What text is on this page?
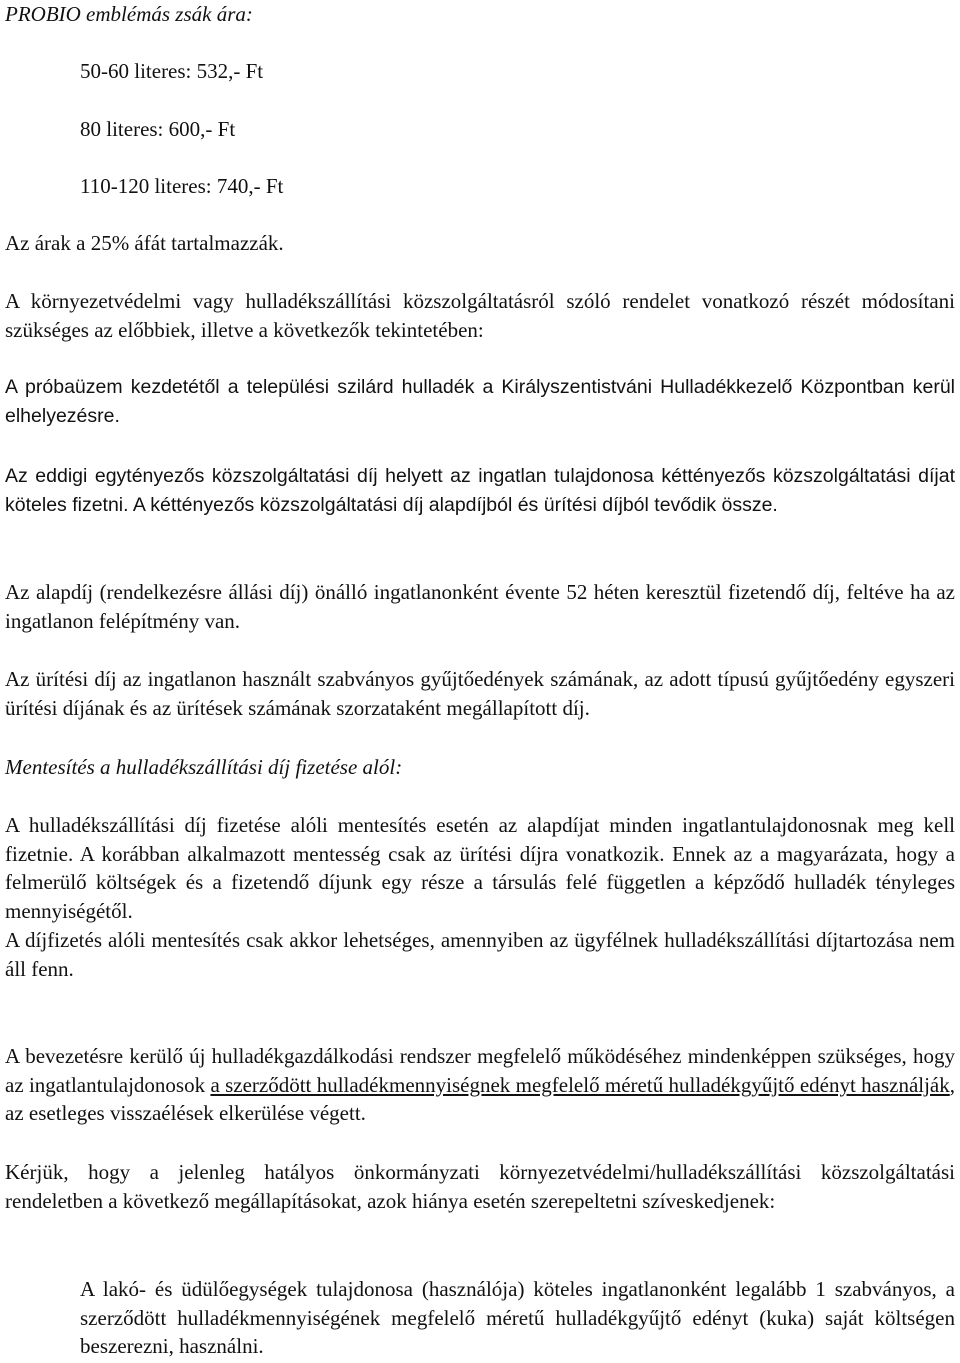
PROBIO emblémás zsák ára:
50-60 literes: 532,- Ft
80 literes: 600,- Ft
110-120 literes: 740,- Ft
Az árak a 25% áfát tartalmazzák.

A környezetvédelmi vagy hulladékszállítási közszolgáltatásról szóló rendelet vonatkozó részét módosítani szükséges az előbbiek, illetve a következők tekintetében:

A próbaüzem kezdetétől a települési szilárd hulladék a Királyszentistváni Hulladékkezelő Központban kerül elhelyezésre.

Az eddigi egytényezős közszolgáltatási díj helyett az ingatlan tulajdonosa kéttényezős közszolgáltatási díjat köteles fizetni. A kéttényezős közszolgáltatási díj alapdíjból és ürítési díjból tevődik össze.

Az alapdíj (rendelkezésre állási díj) önálló ingatlanonként évente 52 héten keresztül fizetendő díj, feltéve ha az ingatlanon felépítmény van.

Az ürítési díj az ingatlanon használt szabványos gyűjtőedények számának, az adott típusú gyűjtőedény egyszeri ürítési díjának és az ürítések számának szorzataként megállapított díj.

Mentesítés a hulladékszállítási díj fizetése alól:

A hulladékszállítási díj fizetése alóli mentesítés esetén az alapdíjat minden ingatlantulajdonosnak meg kell fizetnie. A korábban alkalmazott mentesség csak az ürítési díjra vonatkozik. Ennek az a magyarázata, hogy a felmerülő költségek és a fizetendő díjunk egy része a társulás felé független a képződő hulladék tényleges mennyiségétől.

A díjfizetés alóli mentesítés csak akkor lehetséges, amennyiben az ügyfélnek hulladékszállítási díjtartozása nem áll fenn.

A bevezetésre kerülő új hulladékgazdálkodási rendszer megfelelő működéséhez mindenképpen szükséges, hogy az ingatlantulajdonosok a szerződött hulladékmennyiségnek megfelelő méretű hulladékgyűjtő edényt használják, az esetleges visszaélések elkerülése végett.

Kérjük, hogy a jelenleg hatályos önkormányzati környezetvédelmi/hulladékszállítási közszolgáltatási rendeletben a következő megállapításokat, azok hiánya esetén szerepeltetni szíveskedjenek:

A lakó- és üdülőegységek tulajdonosa (használója) köteles ingatlanonként legalább 1 szabványos, a szerződött hulladékmennyiségének megfelelő méretű hulladékgyűjtő edényt (kuka) saját költségen beszerezni, használni.
